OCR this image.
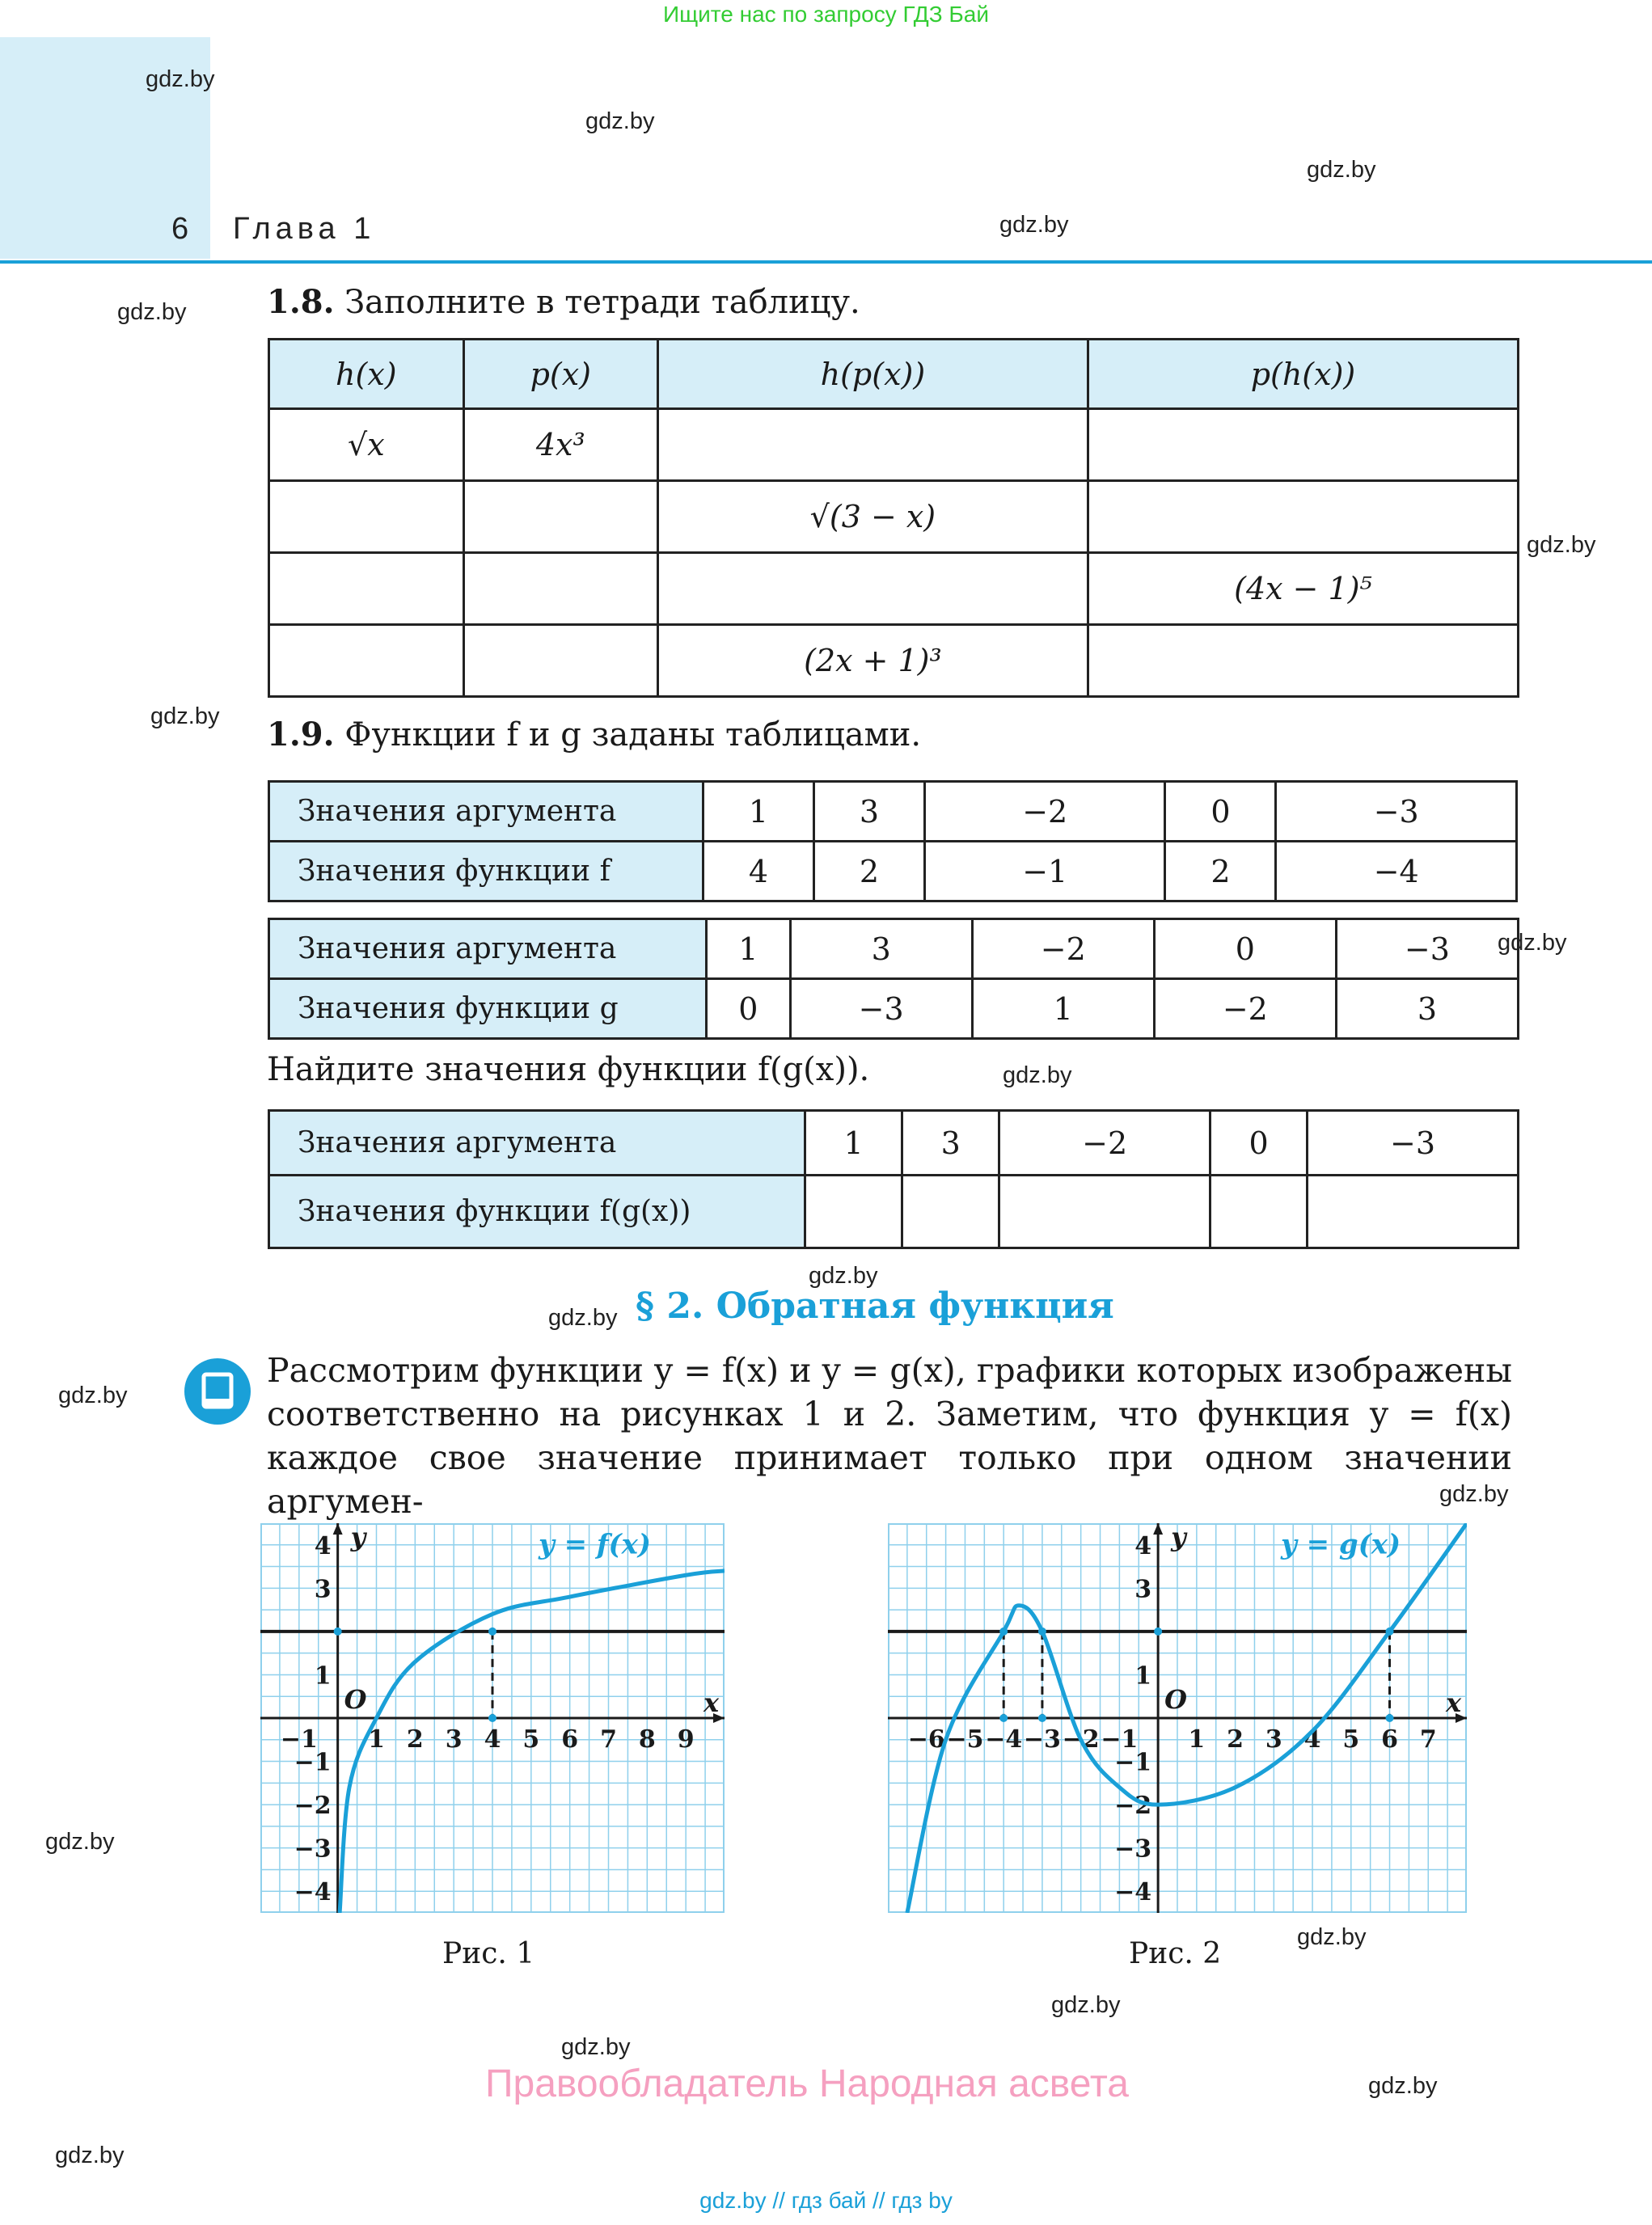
Ищите нас по запросу ГДЗ Бай
6 Глава 1
gdz.by
gdz.by
gdz.by
gdz.by
gdz.by
gdz.by
gdz.by
gdz.by
gdz.by
gdz.by
gdz.by
gdz.by
gdz.by
gdz.by
gdz.by
gdz.by
gdz.by
gdz.by
gdz.by
1.8. Заполните в тетради таблицу.
h(x)	p(x)	h(p(x))	p(h(x))
√x	4x³		
		√(3 − x)	
			(4x − 1)⁵
		(2x + 1)³	
1.9. Функции f и g заданы таблицами.
Значения аргумента	1	3	−2	0	−3
Значения функции f	4	2	−1	2	−4
Значения аргумента	1	3	−2	0	−3
Значения функции g	0	−3	1	−2	3
Найдите значения функции f(g(x)).
Значения аргумента	1	3	−2	0	−3
Значения функции f(g(x))					
§ 2. Обратная функция
Рассмотрим функции y = f(x) и y = g(x), графики которых изображены соответственно на рисунках 1 и 2. Заметим, что функция y = f(x) каждое свое значение принимает только при одном значении аргумен-
−1 1 2 3 4 5 6 7 8 9
4
3
1
−1
−2
−3
−4
O	x
y	y = f(x)
−6 −5 −4 −3 −2 −1 1 2 3 4 5 6 7
4
3
1
−1
−2
−3
−4
O	x
y	y = g(x)
Рис. 1	Рис. 2
Правообладатель Народная асвета
gdz.by // гдз бай // гдз by
